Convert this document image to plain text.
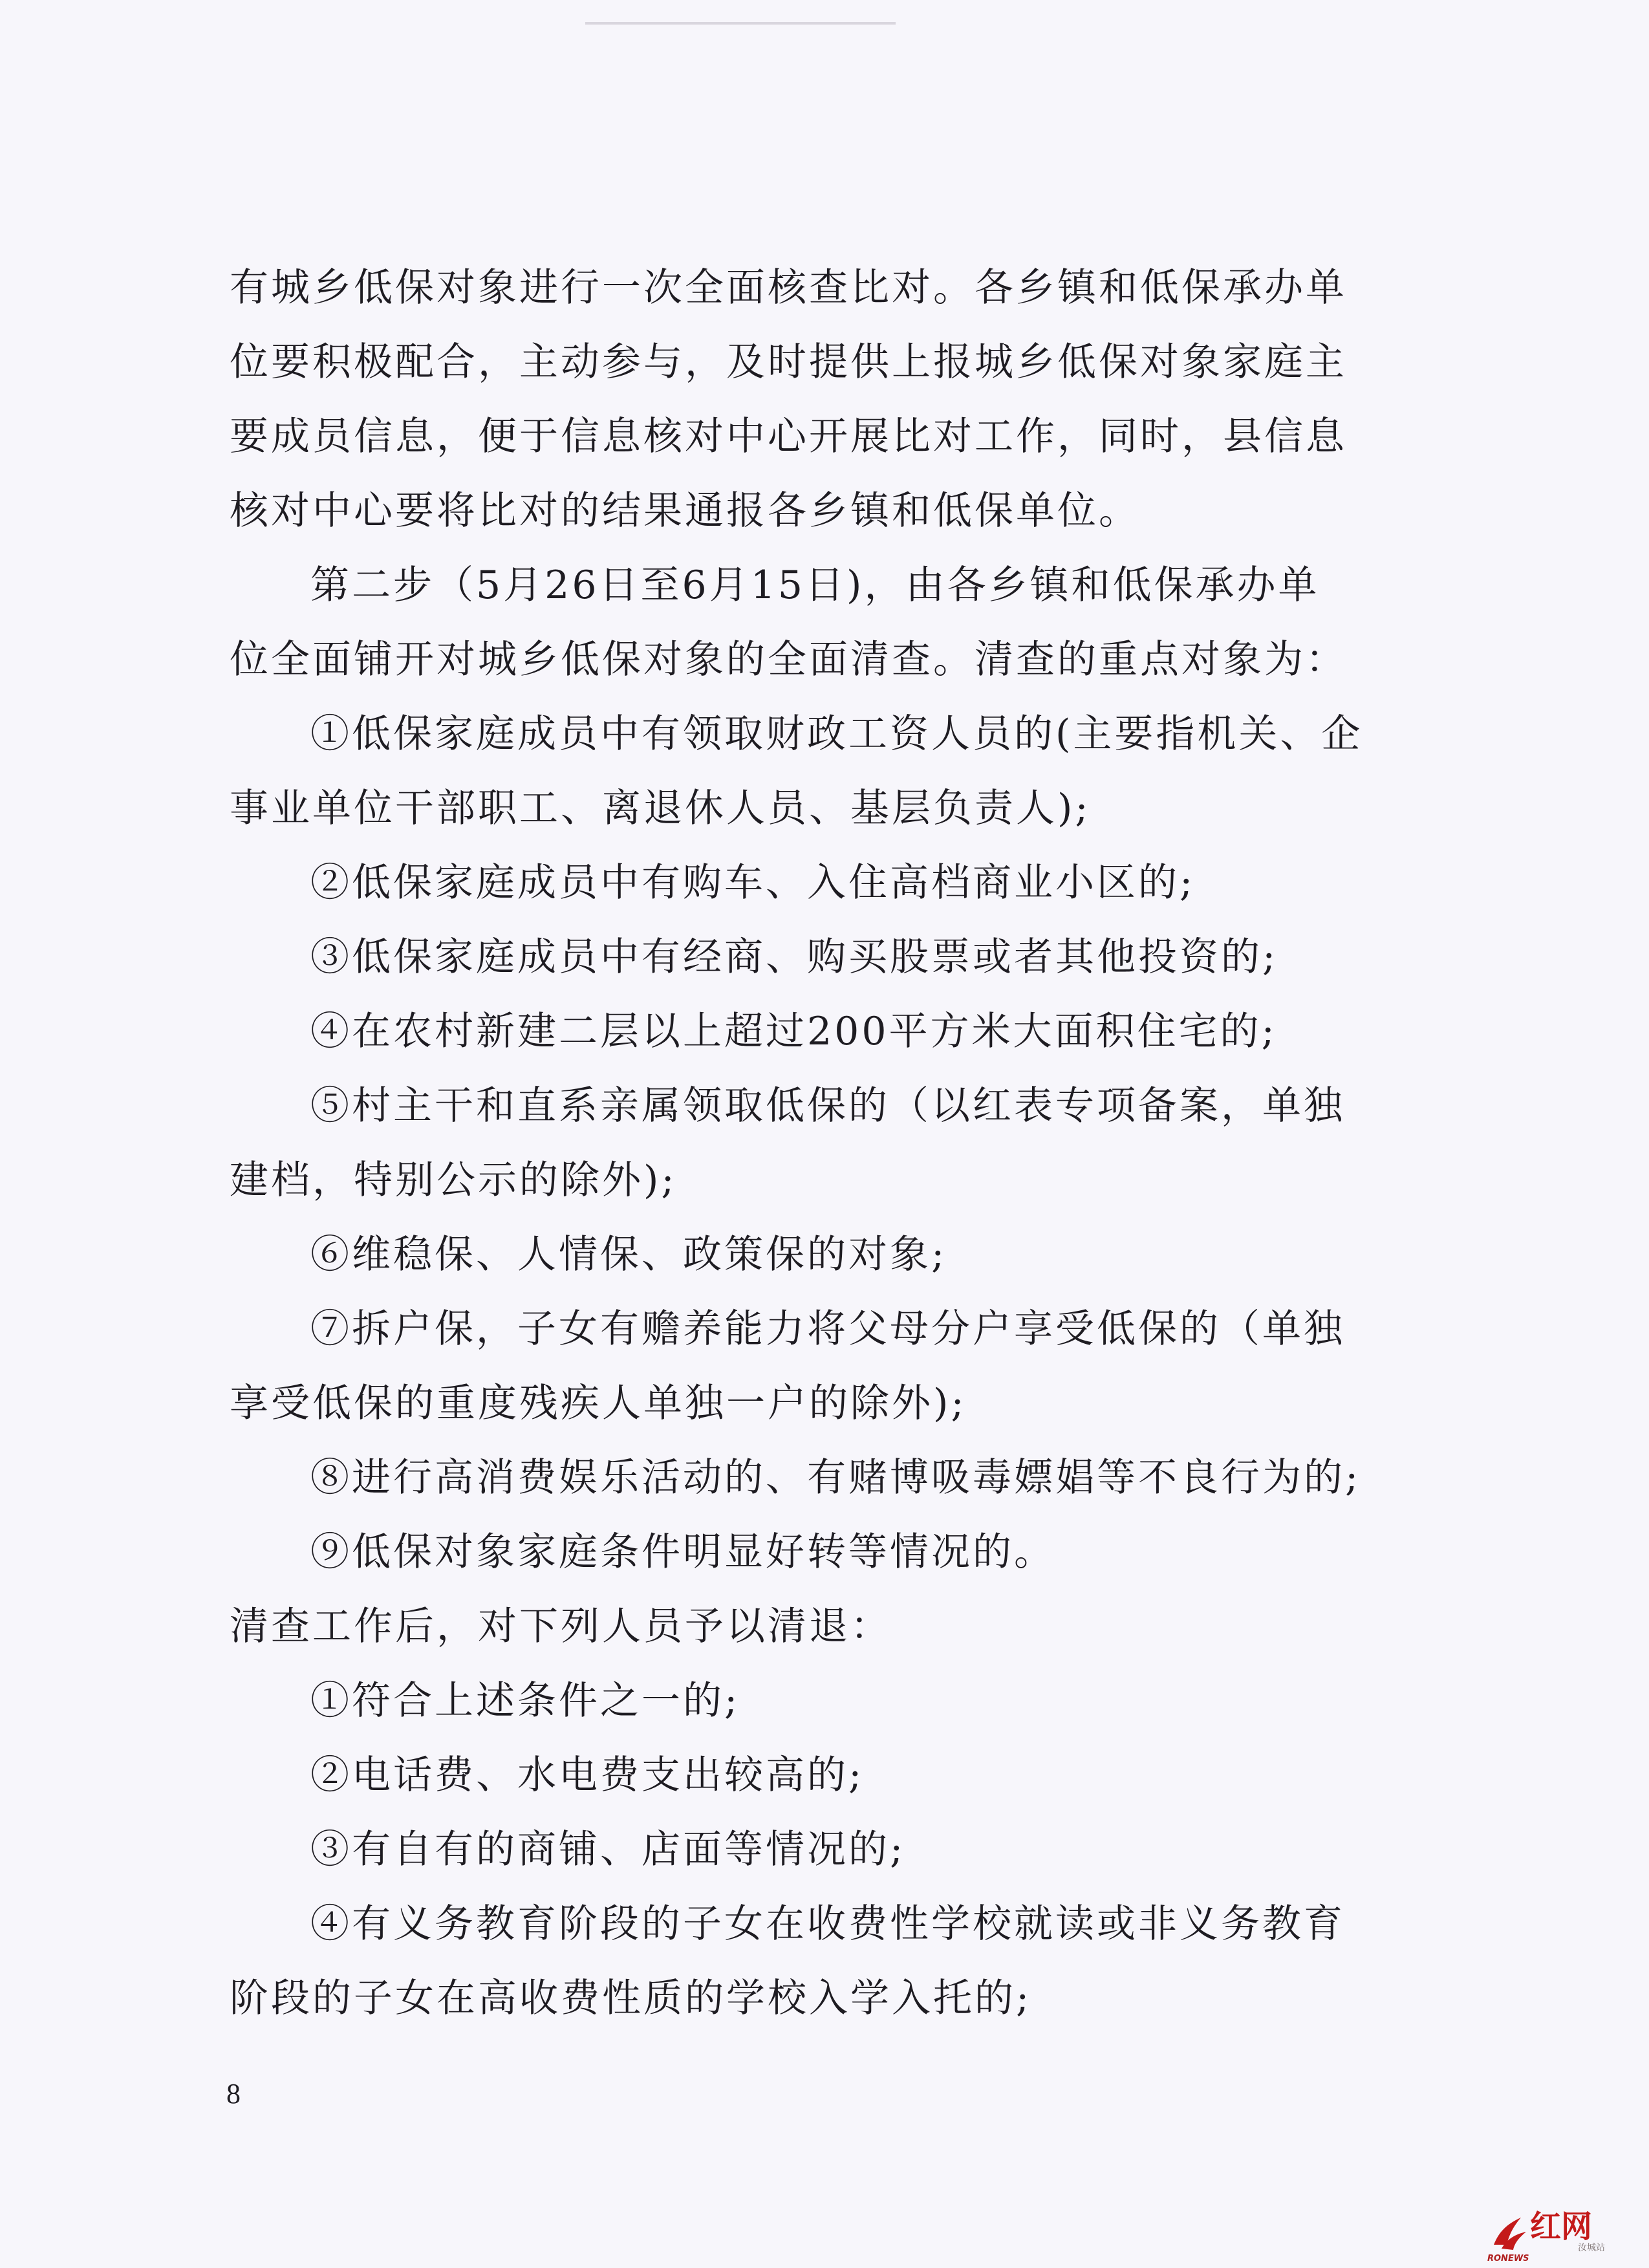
有城乡低保对象进行一次全面核查比对。各乡镇和低保承办单
位要积极配合，主动参与，及时提供上报城乡低保对象家庭主
要成员信息，便于信息核对中心开展比对工作，同时，县信息
核对中心要将比对的结果通报各乡镇和低保单位。
第二步（5月26日至6月15日)，由各乡镇和低保承办单
位全面铺开对城乡低保对象的全面清查。清查的重点对象为：
①低保家庭成员中有领取财政工资人员的(主要指机关、企
事业单位干部职工、离退休人员、基层负责人);
②低保家庭成员中有购车、入住高档商业小区的;
③低保家庭成员中有经商、购买股票或者其他投资的;
④在农村新建二层以上超过200平方米大面积住宅的;
⑤村主干和直系亲属领取低保的（以红表专项备案，单独
建档，特别公示的除外);
⑥维稳保、人情保、政策保的对象;
⑦拆户保，子女有赡养能力将父母分户享受低保的（单独
享受低保的重度残疾人单独一户的除外);
⑧进行高消费娱乐活动的、有赌博吸毒嫖娼等不良行为的;
⑨低保对象家庭条件明显好转等情况的。
清查工作后，对下列人员予以清退：
①符合上述条件之一的;
②电话费、水电费支出较高的;
③有自有的商铺、店面等情况的;
④有义务教育阶段的子女在收费性学校就读或非义务教育
阶段的子女在高收费性质的学校入学入托的;
8
红网
汝城站
RONEWS
